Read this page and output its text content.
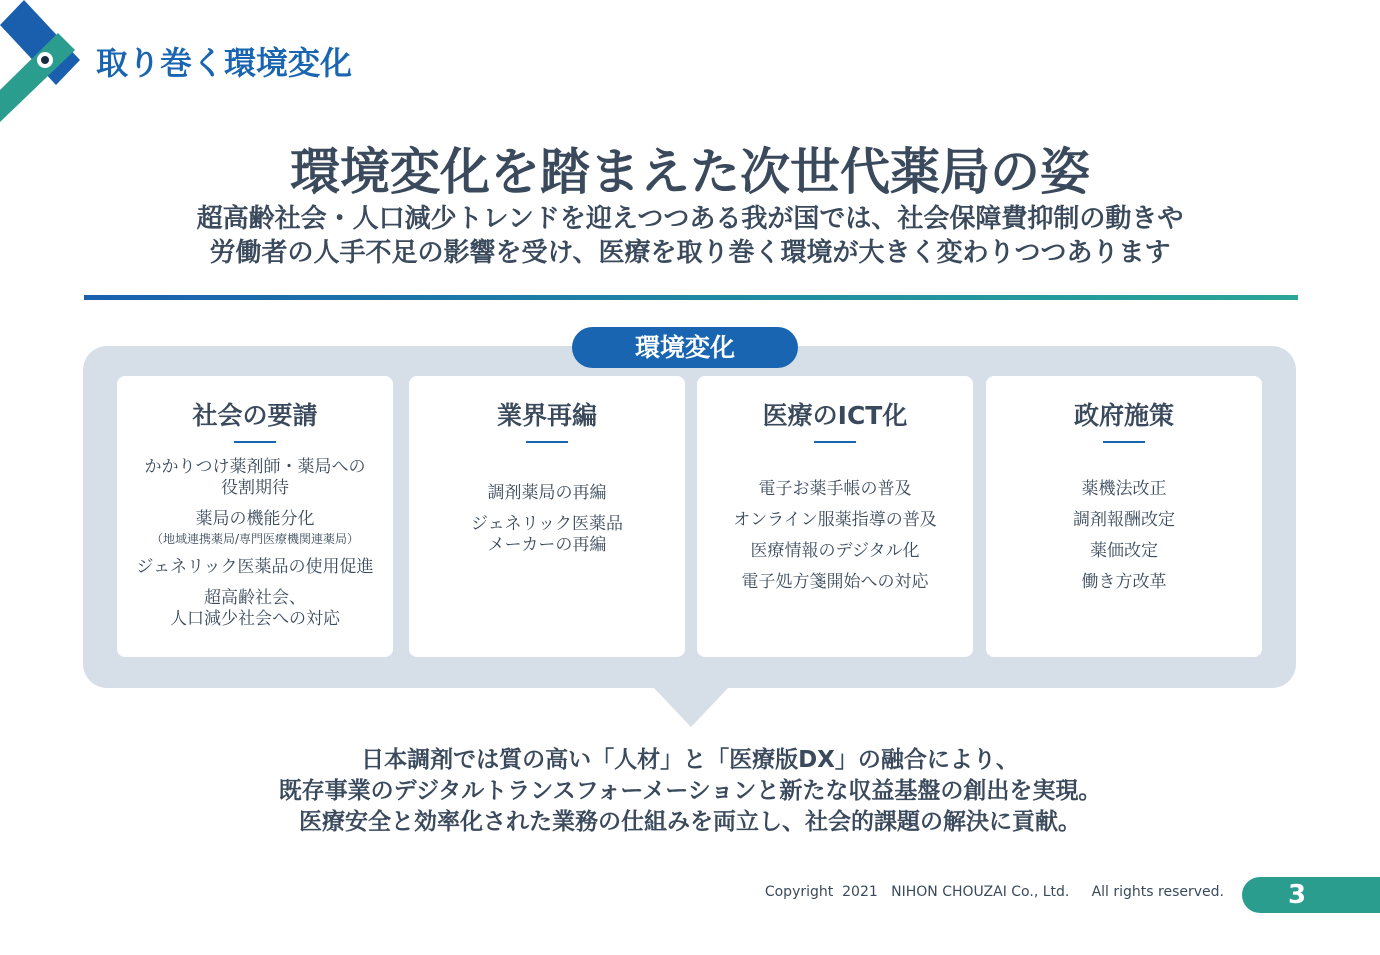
取り巻く環境変化
環境変化を踏まえた次世代薬局の姿
超高齢社会・人口減少トレンドを迎えつつある我が国では、社会保障費抑制の動きや
労働者の人手不足の影響を受け、医療を取り巻く環境が大きく変わりつつあります
環境変化
社会の要請
かかりつけ薬剤師・薬局への
役割期待
薬局の機能分化
（地域連携薬局/専門医療機関連薬局）
ジェネリック医薬品の使用促進
超高齢社会、
人口減少社会への対応
業界再編
調剤薬局の再編
ジェネリック医薬品
メーカーの再編
医療のICT化
電子お薬手帳の普及
オンライン服薬指導の普及
医療情報のデジタル化
電子処方箋開始への対応
政府施策
薬機法改正
調剤報酬改定
薬価改定
働き方改革
日本調剤では質の高い「人材」と「医療版DX」の融合により、
既存事業のデジタルトランスフォーメーションと新たな収益基盤の創出を実現。
医療安全と効率化された業務の仕組みを両立し、社会的課題の解決に貢献。
Copyright  2021   NIHON CHOUZAI Co., Ltd.     All rights reserved.	3
